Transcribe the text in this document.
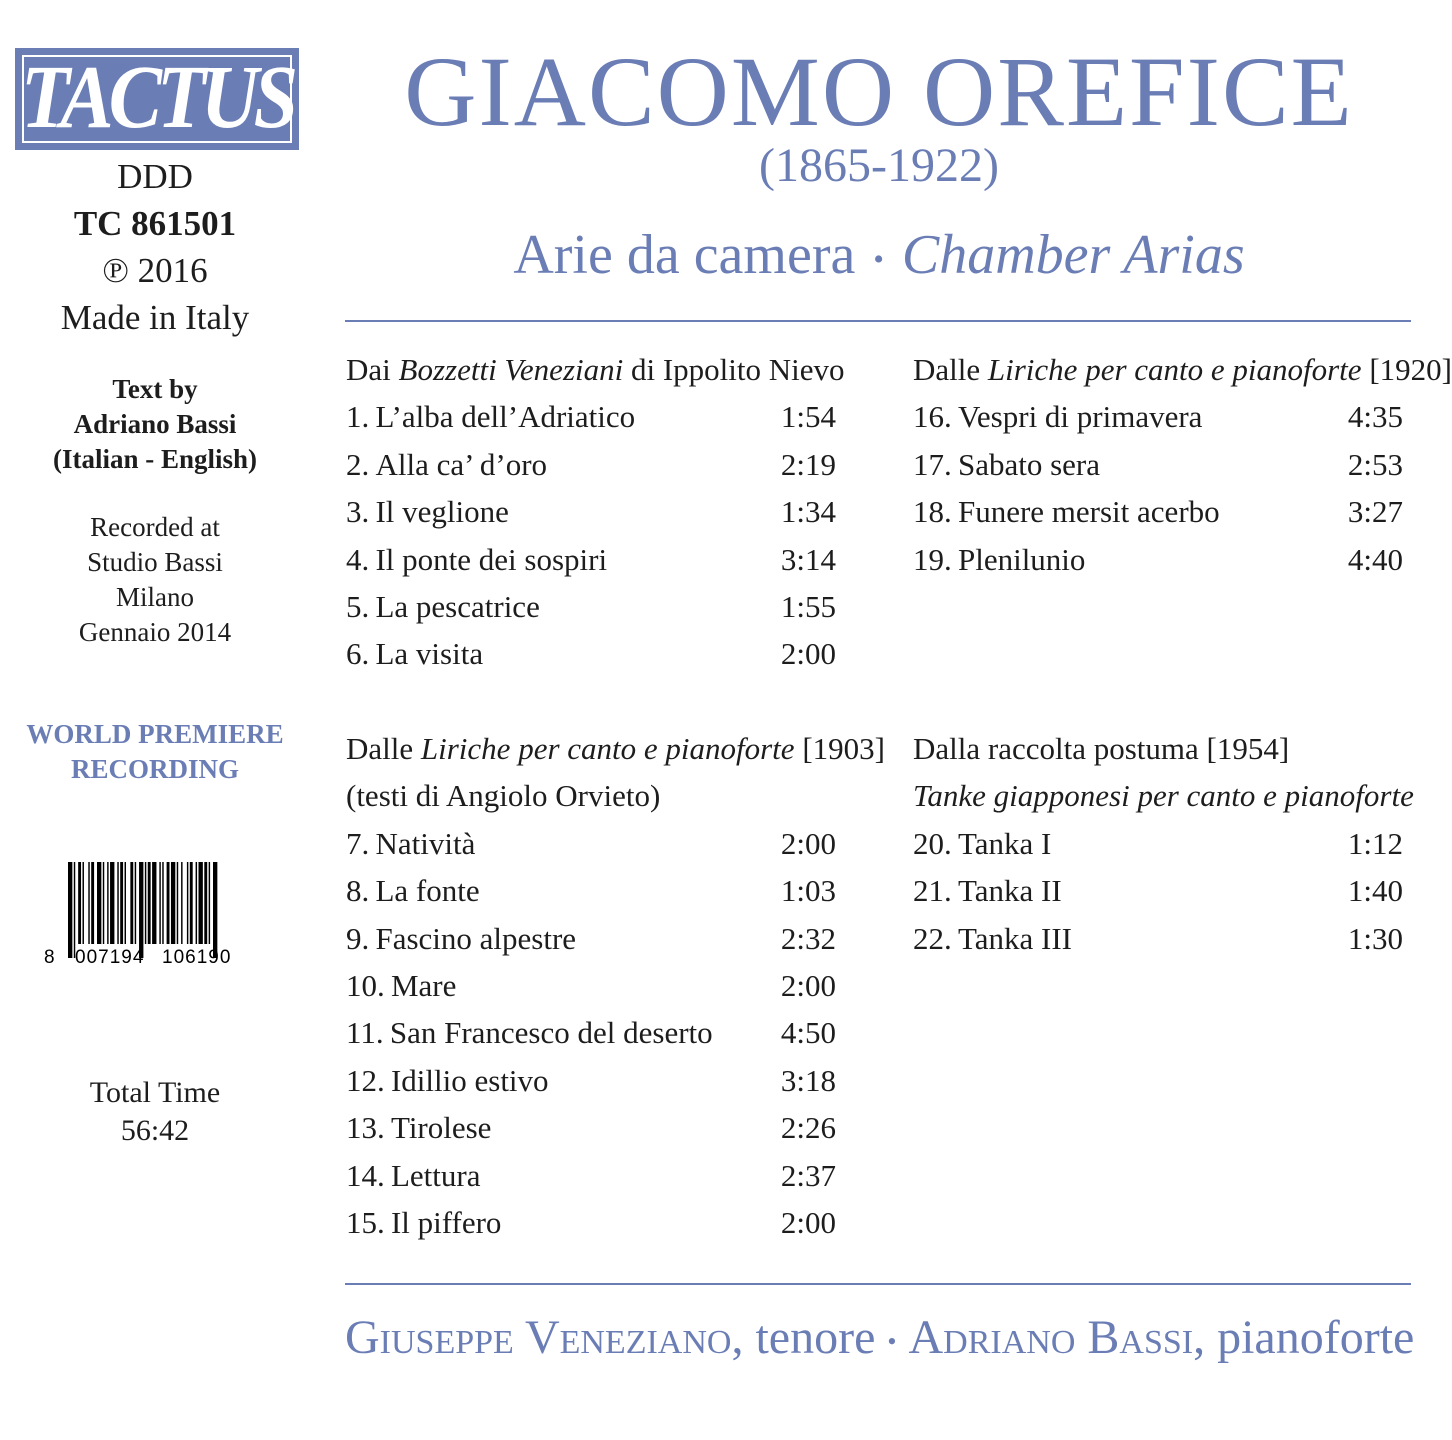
TACTUS
DDD
TC 861501
℗ 2016
Made in Italy
Text by
Adriano Bassi
(Italian - English)
Recorded at
Studio Bassi
Milano
Gennaio 2014
WORLD PREMIERE
RECORDING
8 007194 106190
Total Time
56:42
GIACOMO OREFICE
(1865-1922)
Arie da camera • Chamber Arias
Dai Bozzetti Veneziani di Ippolito Nievo
1.  L’alba dell’Adriatico	1:54
2.  Alla ca’ d’oro	2:19
3.  Il veglione	1:34
4.  Il ponte dei sospiri	3:14
5.  La pescatrice	1:55
6.  La visita	2:00
Dalle Liriche per canto e pianoforte [1903]
(testi di Angiolo Orvieto)
7.  Natività	2:00
8.  La fonte	1:03
9.  Fascino alpestre	2:32
10.  Mare	2:00
11.  San Francesco del deserto 4:50
12.  Idillio estivo	3:18
13.  Tirolese	2:26
14.  Lettura	2:37
15.  Il piffero	2:00
Dalle Liriche per canto e pianoforte [1920]
16.  Vespri di primavera	4:35
17.  Sabato sera	2:53
18.  Funere mersit acerbo	3:27
19.  Plenilunio	4:40
Dalla raccolta postuma [1954]
Tanke giapponesi per canto e pianoforte
20.  Tanka I	1:12
21.  Tanka II	1:40
22.  Tanka III	1:30
Giuseppe Veneziano, tenore • Adriano Bassi, pianoforte
